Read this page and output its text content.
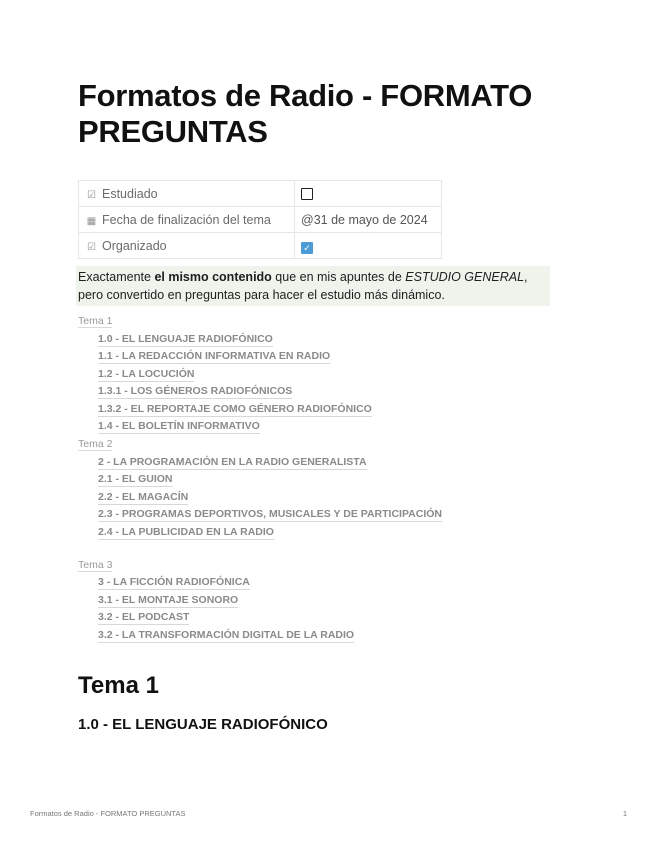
Formatos de Radio - FORMATO PREGUNTAS
☑ Estudiado	
▦ Fecha de finalización del tema	@31 de mayo de 2024
☑ Organizado	✓
Exactamente el mismo contenido que en mis apuntes de ESTUDIO GENERAL, pero convertido en preguntas para hacer el estudio más dinámico.
Tema 1
1.0 - EL LENGUAJE RADIOFÓNICO
1.1 - LA REDACCIÓN INFORMATIVA EN RADIO
1.2 - LA LOCUCIÓN
1.3.1 - LOS GÉNEROS RADIOFÓNICOS
1.3.2 - EL REPORTAJE COMO GÉNERO RADIOFÓNICO
1.4 - EL BOLETÍN INFORMATIVO
Tema 2
2 - LA PROGRAMACIÓN EN LA RADIO GENERALISTA
2.1 - EL GUION
2.2 - EL MAGACÍN
2.3 - PROGRAMAS DEPORTIVOS, MUSICALES Y DE PARTICIPACIÓN
2.4 - LA PUBLICIDAD EN LA RADIO
Tema 3
3 - LA FICCIÓN RADIOFÓNICA
3.1 - EL MONTAJE SONORO
3.2 - EL PODCAST
3.2 - LA TRANSFORMACIÓN DIGITAL DE LA RADIO
Tema 1
1.0 - EL LENGUAJE RADIOFÓNICO
Formatos de Radio - FORMATO PREGUNTAS	1
